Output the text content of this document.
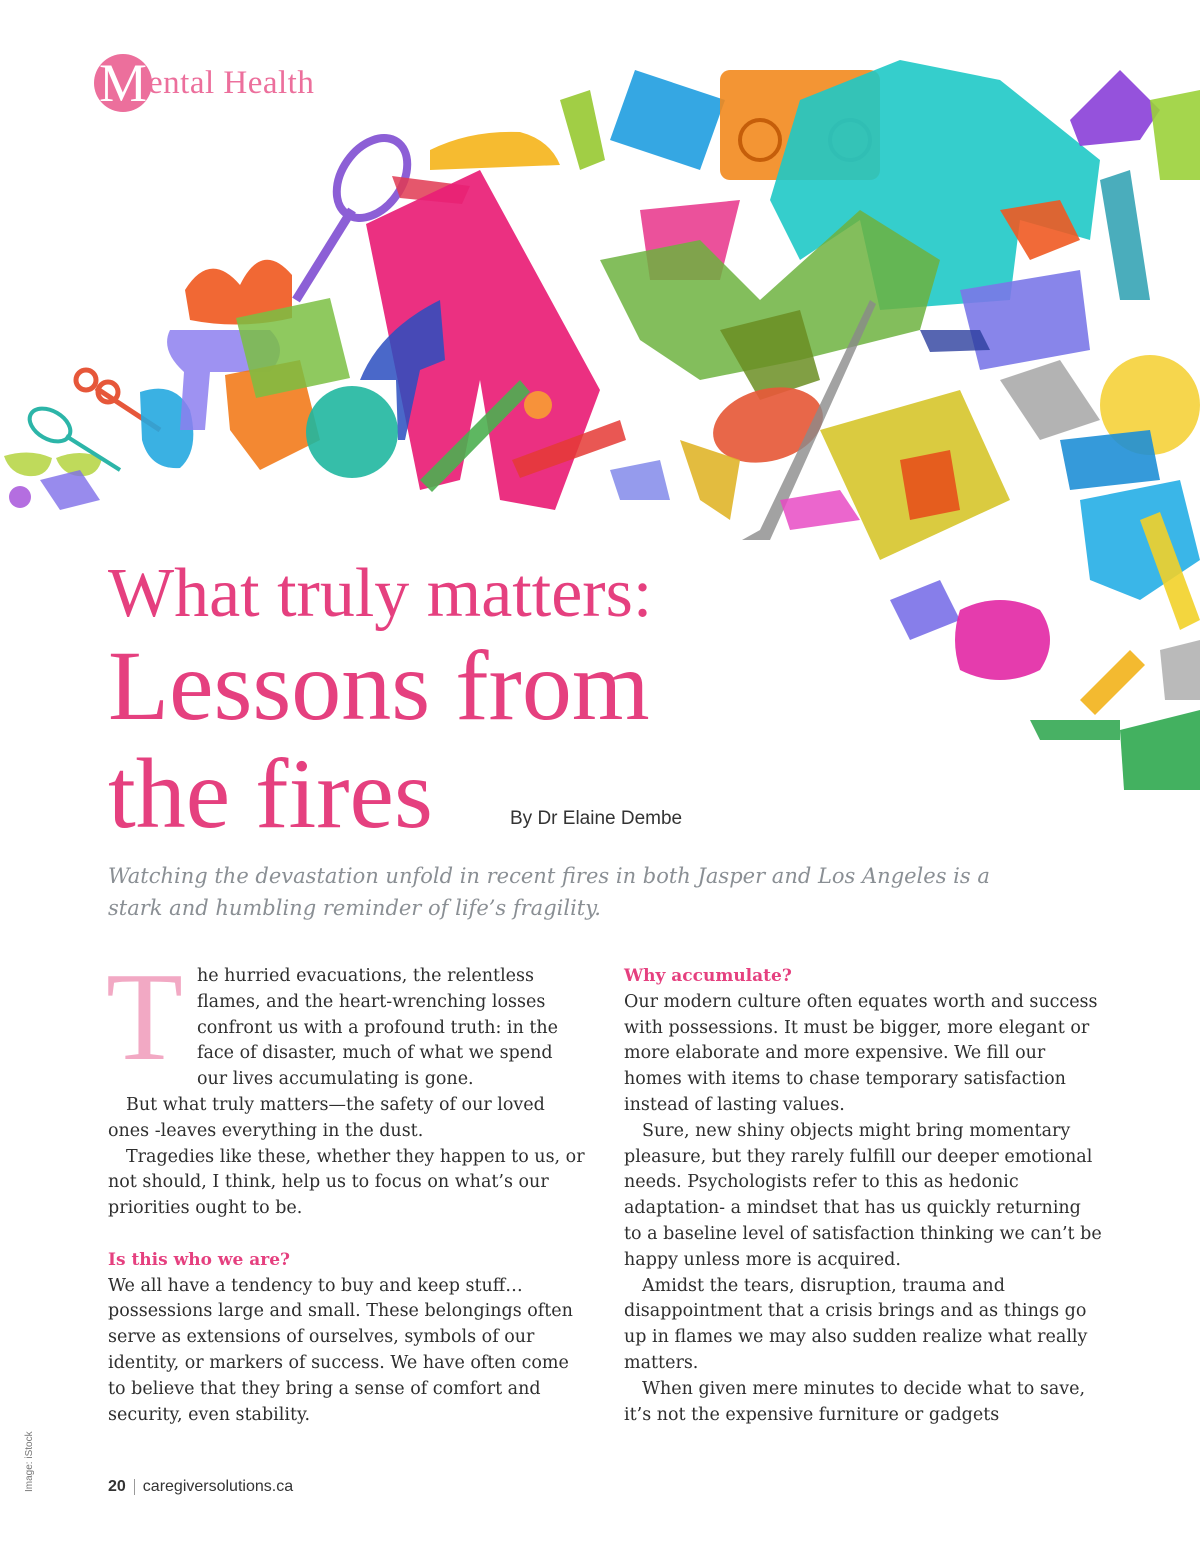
M ental Health
What truly matters:
Lessons from
the fires	By Dr Elaine Dembe

Watching the devastation unfold in recent fires in both Jasper and Los Angeles is a stark and humbling reminder of life’s fragility.

The hurried evacuations, the relentless flames, and the heart-wrenching losses confront us with a profound truth: in the face of disaster, much of what we spend our lives accumulating is gone.

But what truly matters—the safety of our loved ones -leaves everything in the dust.

Tragedies like these, whether they happen to us, or not should, I think, help us to focus on what’s our priorities ought to be.

Is this who we are?

We all have a tendency to buy and keep stuff… possessions large and small. These belongings often serve as extensions of ourselves, symbols of our identity, or markers of success. We have often come to believe that they bring a sense of comfort and security, even stability.

Why accumulate?

Our modern culture often equates worth and success with possessions. It must be bigger, more elegant or more elaborate and more expensive. We fill our homes with items to chase temporary satisfaction instead of lasting values.

Sure, new shiny objects might bring momentary pleasure, but they rarely fulfill our deeper emotional needs. Psychologists refer to this as hedonic adaptation- a mindset that has us quickly returning to a baseline level of satisfaction thinking we can’t be happy unless more is acquired.

Amidst the tears, disruption, trauma and disappointment that a crisis brings and as things go up in flames we may also sudden realize what really matters.

When given mere minutes to decide what to save, it’s not the expensive furniture or gadgets

Image: iStock	20 caregiversolutions.ca
